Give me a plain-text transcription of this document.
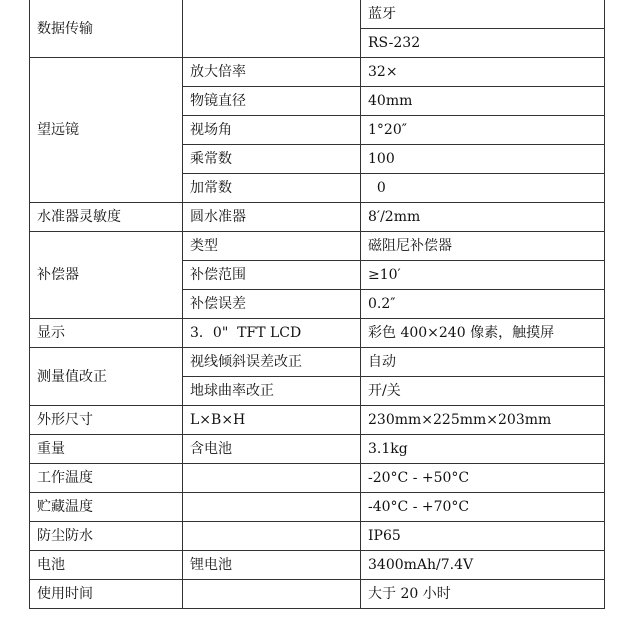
数据传输		蓝牙
		RS-232
望远镜	放大倍率	32×
	物镜直径	40mm
	视场角	1°20″
	乘常数	100
	加常数	0
水准器灵敏度	圆水准器	8′/2mm
补偿器	类型	磁阻尼补偿器
	补偿范围	≥10′
	补偿误差	0.2″
显示	3．0"  TFT LCD	彩色 400×240 像素，触摸屏
测量值改正	视线倾斜误差改正	自动
	地球曲率改正	开/关
外形尺寸	L×B×H	230mm×225mm×203mm
重量	含电池	3.1kg
工作温度		-20°C - +50°C
贮藏温度		-40°C - +70°C
防尘防水		IP65
电池	锂电池	3400mAh/7.4V
使用时间		大于 20 小时
